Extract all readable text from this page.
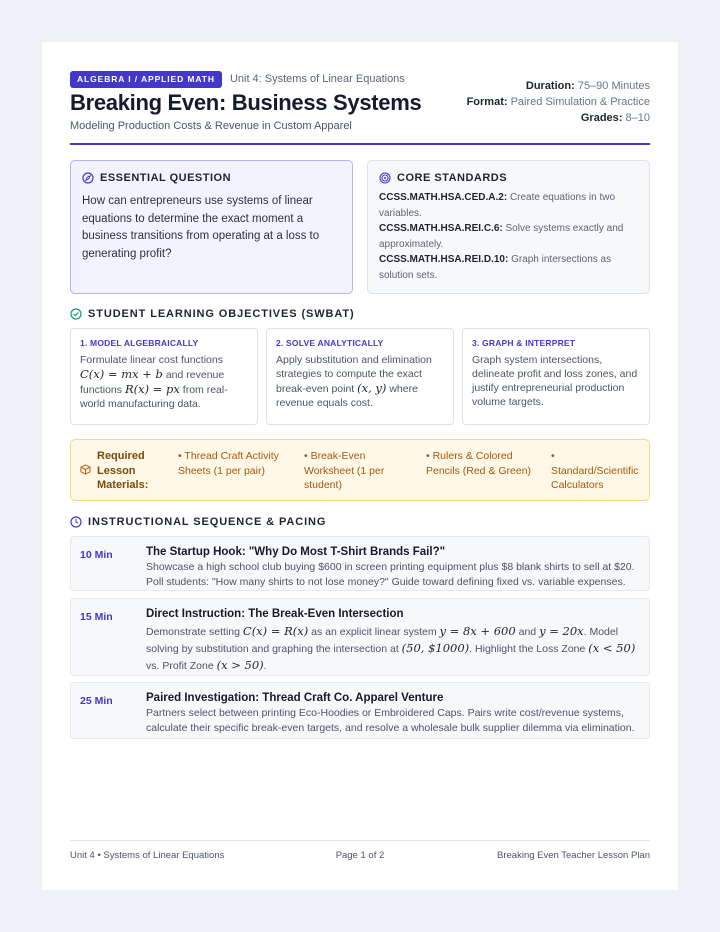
ALGEBRA I / APPLIED MATH	Unit 4: Systems of Linear Equations
Breaking Even: Business Systems
Modeling Production Costs & Revenue in Custom Apparel
Duration: 75–90 Minutes
Format: Paired Simulation & Practice
Grades: 8–10
ESSENTIAL QUESTION
How can entrepreneurs use systems of linear equations to determine the exact moment a business transitions from operating at a loss to generating profit?
CORE STANDARDS
CCSS.MATH.HSA.CED.A.2: Create equations in two variables.
CCSS.MATH.HSA.REI.C.6: Solve systems exactly and approximately.
CCSS.MATH.HSA.REI.D.10: Graph intersections as solution sets.
STUDENT LEARNING OBJECTIVES (SWBAT)
1. MODEL ALGEBRAICALLY
Formulate linear cost functions
C(x) = mx + b and revenue functions R(x) = px from real-world manufacturing data.
2. SOLVE ANALYTICALLY
Apply substitution and elimination strategies to compute the exact break-even point (x, y) where revenue equals cost.
3. GRAPH & INTERPRET
Graph system intersections, delineate profit and loss zones, and justify entrepreneurial production volume targets.
Required Lesson Materials:
• Thread Craft Activity Sheets (1 per pair)
• Break-Even Worksheet (1 per student)
• Rulers & Colored Pencils (Red & Green)
• Standard/Scientific Calculators
INSTRUCTIONAL SEQUENCE & PACING
10 Min	The Startup Hook: "Why Do Most T-Shirt Brands Fail?"
Showcase a high school club buying $600 in screen printing equipment plus $8 blank shirts to sell at $20. Poll students: "How many shirts to not lose money?" Guide toward defining fixed vs. variable expenses.
15 Min	Direct Instruction: The Break-Even Intersection
Demonstrate setting C(x) = R(x) as an explicit linear system y = 8x + 600 and y = 20x. Model solving by substitution and graphing the intersection at (50, $1000). Highlight the Loss Zone (x < 50) vs. Profit Zone (x > 50).
25 Min	Paired Investigation: Thread Craft Co. Apparel Venture
Partners select between printing Eco-Hoodies or Embroidered Caps. Pairs write cost/revenue systems, calculate their specific break-even targets, and resolve a wholesale bulk supplier dilemma via elimination.
Unit 4 • Systems of Linear Equations	Page 1 of 2	Breaking Even Teacher Lesson Plan
